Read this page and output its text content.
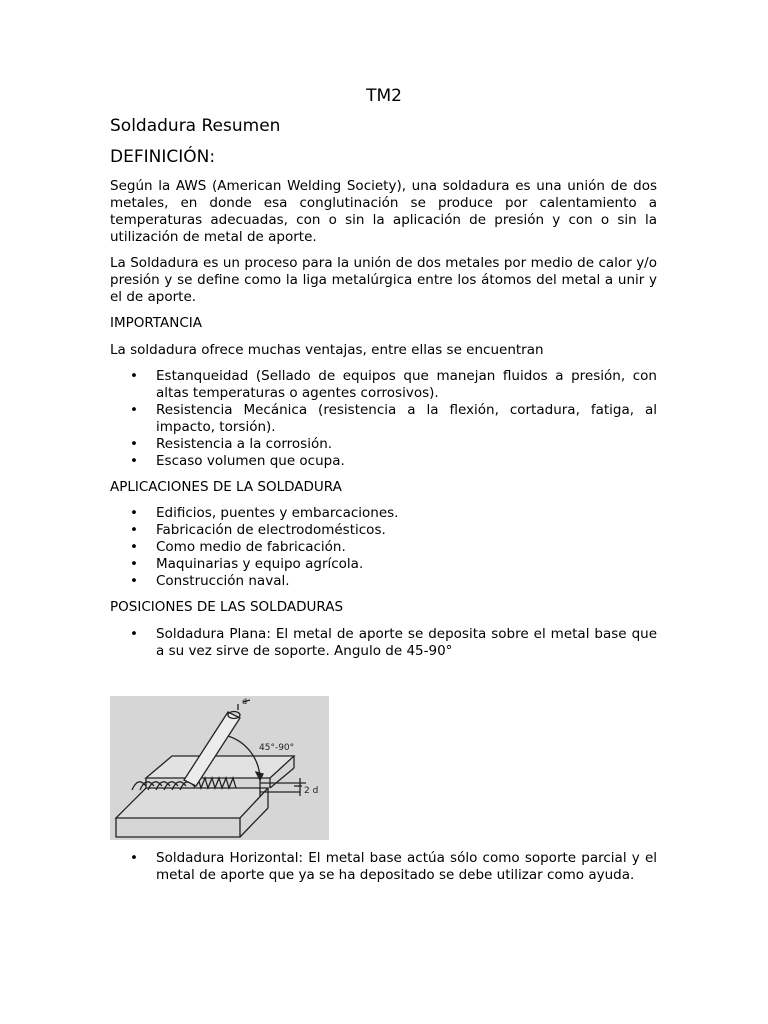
TM2
Soldadura Resumen
DEFINICIÓN:
Según la AWS (American Welding Society), una soldadura es una unión de dos metales, en donde esa conglutinación se produce por calentamiento a temperaturas adecuadas, con o sin la aplicación de presión y con o sin la utilización de metal de aporte.
La Soldadura es un proceso para la unión de dos metales por medio de calor y/o presión y se define como la liga metalúrgica entre los átomos del metal a unir y el de aporte.
IMPORTANCIA
La soldadura ofrece muchas ventajas, entre ellas se encuentran
• Estanqueidad (Sellado de equipos que manejan fluidos a presión, con altas temperaturas o agentes corrosivos).
• Resistencia Mecánica (resistencia a la flexión, cortadura, fatiga, al impacto, torsión).
• Resistencia a la corrosión.
• Escaso volumen que ocupa.
APLICACIONES DE LA SOLDADURA
• Edificios, puentes y embarcaciones.
• Fabricación de electrodomésticos.
• Como medio de fabricación.
• Maquinarias y equipo agrícola.
• Construcción naval.
POSICIONES DE LAS SOLDADURAS
• Soldadura Plana: El metal de aporte se deposita sobre el metal base que a su vez sirve de soporte. Angulo de 45-90°
d
45°-90°
2 d
• Soldadura Horizontal: El metal base actúa sólo como soporte parcial y el metal de aporte que ya se ha depositado se debe utilizar como ayuda.
